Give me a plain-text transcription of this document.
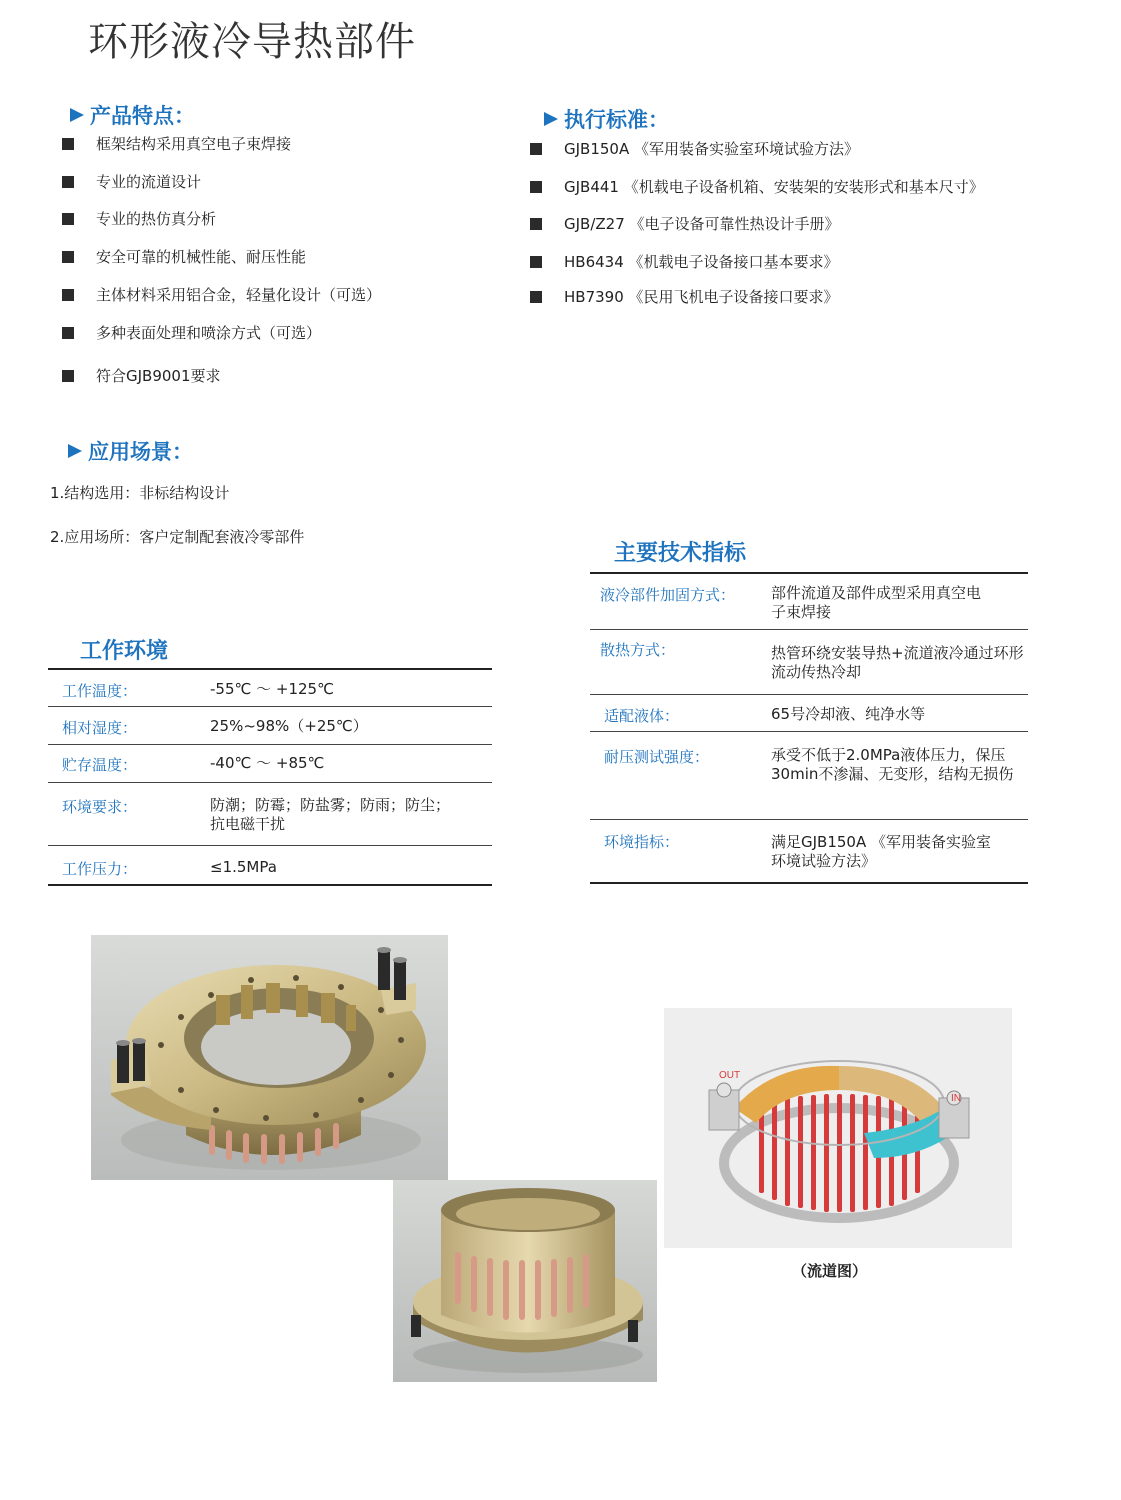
环形液冷导热部件
产品特点：
框架结构采用真空电子束焊接
专业的流道设计
专业的热仿真分析
安全可靠的机械性能、耐压性能
主体材料采用铝合金，轻量化设计（可选）
多种表面处理和喷涂方式（可选）
符合GJB9001要求
执行标准：
GJB150A 《军用装备实验室环境试验方法》
GJB441 《机载电子设备机箱、安装架的安装形式和基本尺寸》
GJB/Z27 《电子设备可靠性热设计手册》
HB6434 《机载电子设备接口基本要求》
HB7390 《民用飞机电子设备接口要求》
应用场景：
1.结构选用：非标结构设计
2.应用场所：客户定制配套液冷零部件
工作环境
工作温度：	-55℃ ～ +125℃
相对湿度：	25%~98%（+25℃）
贮存温度：	-40℃ ～ +85℃
环境要求：	防潮；防霉；防盐雾；防雨；防尘；抗电磁干扰
工作压力：	≤1.5MPa
主要技术指标
液冷部件加固方式： 部件流道及部件成型采用真空电子束焊接
散热方式：	热管环绕安装导热+流道液冷通过环形流动传热冷却
适配液体：	65号冷却液、纯净水等
耐压测试强度：	承受不低于2.0MPa液体压力，保压30min不渗漏、无变形，结构无损伤
环境指标：	满足GJB150A 《军用装备实验室环境试验方法》
OUT
IN
（流道图）
